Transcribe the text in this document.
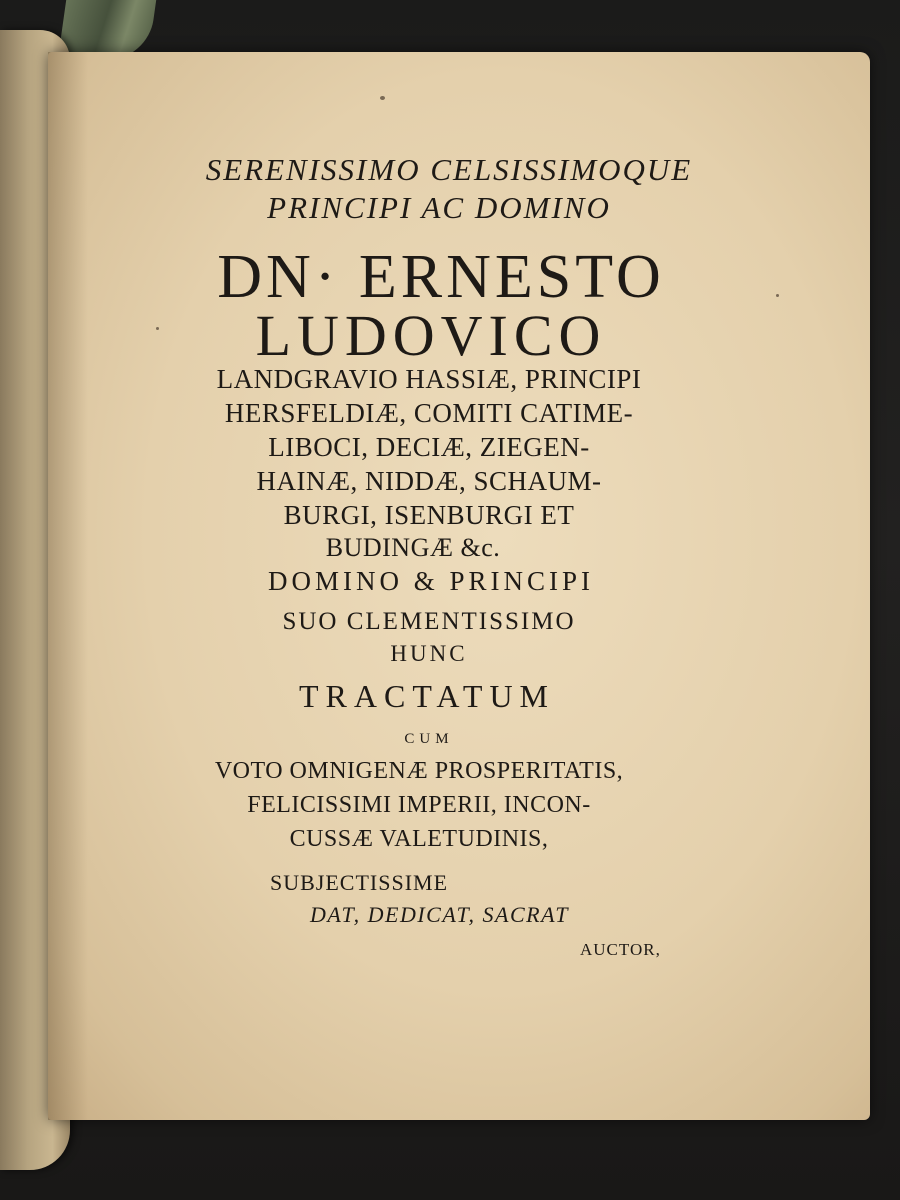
SERENISSIMO CELSISSIMOQUE
PRINCIPI AC DOMINO
DN· ERNESTO
LUDOVICO
LANDGRAVIO HASSIÆ, PRINCIPI
HERSFELDIÆ, COMITI CATIME-
LIBOCI, DECIÆ, ZIEGEN-
HAINÆ, NIDDÆ, SCHAUM-
BURGI, ISENBURGI ET
BUDINGÆ &c.
DOMINO & PRINCIPI
SUO CLEMENTISSIMO
HUNC
TRACTATUM
CUM
VOTO OMNIGENÆ PROSPERITATIS,
FELICISSIMI IMPERII, INCON-
CUSSÆ VALETUDINIS,
SUBJECTISSIME
DAT, DEDICAT, SACRAT
AUCTOR,
